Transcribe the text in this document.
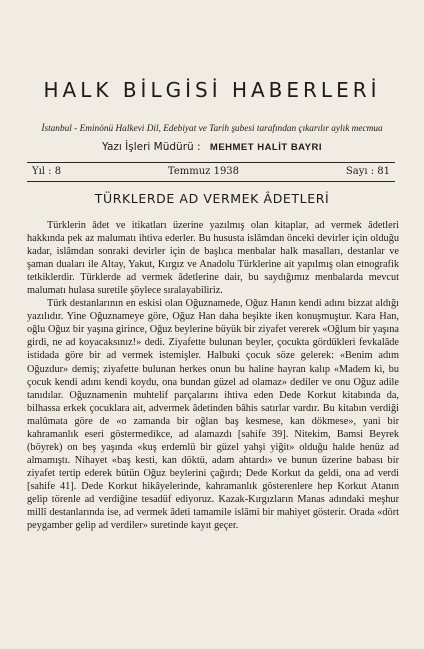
HALK BİLGİSİ HABERLERİ
İstanbul - Eminönü Halkevi Dil, Edebiyat ve Tarih şubesi tarafından çıkarılır aylık mecmua
Yazı İşleri Müdürü : MEHMET HALİT BAYRI
Yıl : 8	Temmuz 1938	Sayı : 81
TÜRKLERDE AD VERMEK ÂDETLERİ

Türklerin âdet ve itikatları üzerine yazılmış olan kitaplar, ad vermek âdetleri hakkında pek az malumatı ihtiva ederler. Bu hususta islâmdan önceki devirler için olduğu kadar, islâmdan sonraki devirler için de başlıca menbalar halk masalları, destanlar ve şaman duaları ile Altay, Yakut, Kırgız ve Anadolu Türklerine ait yapılmış olan etnografik tetkiklerdir. Türklerde ad vermek âdetlerine dair, bu saydığımız menbalarda mevcut malumatı hulasa suretile şöylece sıralayabiliriz.

Türk destanlarının en eskisi olan Oğuznamede, Oğuz Hanın kendi adını bizzat aldığı yazılıdır. Yine Oğuznameye göre, Oğuz Han daha beşikte iken konuşmuştur. Kara Han, oğlu Oğuz bir yaşına girince, Oğuz beylerine büyük bir ziyafet vererek «Oğlum bir yaşına girdi, ne ad koyacaksınız!» dedi. Ziyafette bulunan beyler, çocukta gördükleri fevkalâde istidada göre bir ad vermek istemişler. Halbuki çocuk söze gelerek: «Benim adım Oğuzdur» demiş; ziyafette bulunan herkes onun bu haline hayran kalıp «Madem ki, bu çocuk kendi adını kendi koydu, ona bundan güzel ad olamaz» dediler ve onu Oğuz adile tanıdılar. Oğuznamenin muhtelif parçalarını ihtiva eden Dede Korkut kitabında da, bilhassa erkek çocuklara ait, advermek âdetinden bâhis satırlar vardır. Bu kitabın verdiği malûmata göre de «o zamanda bir oğlan baş kesmese, kan dökmese», yani bir kahramanlık eseri göstermedikce, ad alamazdı [sahife 39]. Nitekim, Bamsi Beyrek (böyrek) on beş yaşında «kuş erdemlü bir güzel yahşi yiğit» olduğu halde henüz ad almamıştı. Nihayet «baş kesti, kan döktü, adam ahtardı» ve bunun üzerine babası bir ziyafet tertip ederek bütün Oğuz beylerini çağırdı; Dede Korkut da geldi, ona ad verdi [sahife 41]. Dede Korkut hikâyelerinde, kahramanlık gösterenlere hep Korkut Atanın gelip törenle ad verdiğine tesadüf ediyoruz. Kazak-Kırgızların Manas adındaki meşhur millî destanlarında ise, ad vermek âdeti tamamile islâmi bir mahiyet gösterir. Orada «dört peygamber gelip ad verdiler» suretinde kayıt geçer.
